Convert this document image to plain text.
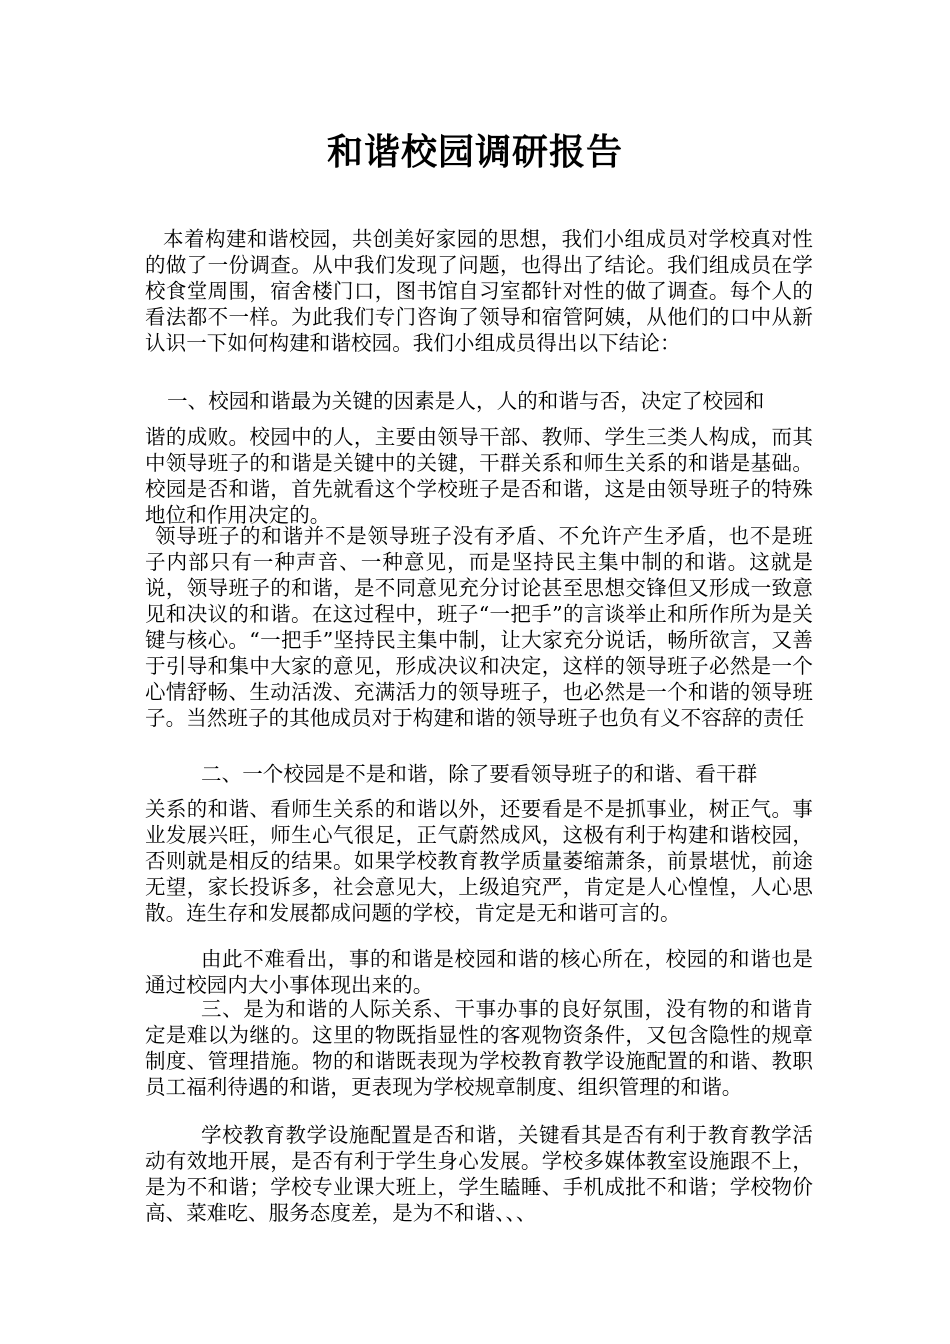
和谐校园调研报告

本着构建和谐校园，共创美好家园的思想，我们小组成员对学校真对性的做了一份调查。从中我们发现了问题，也得出了结论。我们组成员在学校食堂周围，宿舍楼门口，图书馆自习室都针对性的做了调查。每个人的看法都不一样。为此我们专门咨询了领导和宿管阿姨，从他们的口中从新认识一下如何构建和谐校园。我们小组成员得出以下结论：

一、校园和谐最为关键的因素是人，人的和谐与否，决定了校园和

谐的成败。校园中的人，主要由领导干部、教师、学生三类人构成，而其中领导班子的和谐是关键中的关键，干群关系和师生关系的和谐是基础。校园是否和谐，首先就看这个学校班子是否和谐，这是由领导班子的特殊地位和作用决定的。

领导班子的和谐并不是领导班子没有矛盾、不允许产生矛盾，也不是班子内部只有一种声音、一种意见，而是坚持民主集中制的和谐。这就是说，领导班子的和谐，是不同意见充分讨论甚至思想交锋但又形成一致意见和决议的和谐。在这过程中，班子“一把手”的言谈举止和所作所为是关键与核心。“一把手”坚持民主集中制，让大家充分说话，畅所欲言，又善于引导和集中大家的意见，形成决议和决定，这样的领导班子必然是一个心情舒畅、生动活泼、充满活力的领导班子，也必然是一个和谐的领导班子。当然班子的其他成员对于构建和谐的领导班子也负有义不容辞的责任

二、一个校园是不是和谐，除了要看领导班子的和谐、看干群

关系的和谐、看师生关系的和谐以外，还要看是不是抓事业，树正气。事业发展兴旺，师生心气很足，正气蔚然成风，这极有利于构建和谐校园，否则就是相反的结果。如果学校教育教学质量萎缩萧条，前景堪忧，前途无望，家长投诉多，社会意见大，上级追究严，肯定是人心惶惶，人心思散。连生存和发展都成问题的学校，肯定是无和谐可言的。

由此不难看出，事的和谐是校园和谐的核心所在，校园的和谐也是通过校园内大小事体现出来的。

三、是为和谐的人际关系、干事办事的良好氛围，没有物的和谐肯定是难以为继的。这里的物既指显性的客观物资条件，又包含隐性的规章制度、管理措施。物的和谐既表现为学校教育教学设施配置的和谐、教职员工福利待遇的和谐，更表现为学校规章制度、组织管理的和谐。

学校教育教学设施配置是否和谐，关键看其是否有利于教育教学活动有效地开展，是否有利于学生身心发展。学校多媒体教室设施跟不上，是为不和谐；学校专业课大班上，学生瞌睡、手机成批不和谐；学校物价高、菜难吃、服务态度差，是为不和谐、、、
